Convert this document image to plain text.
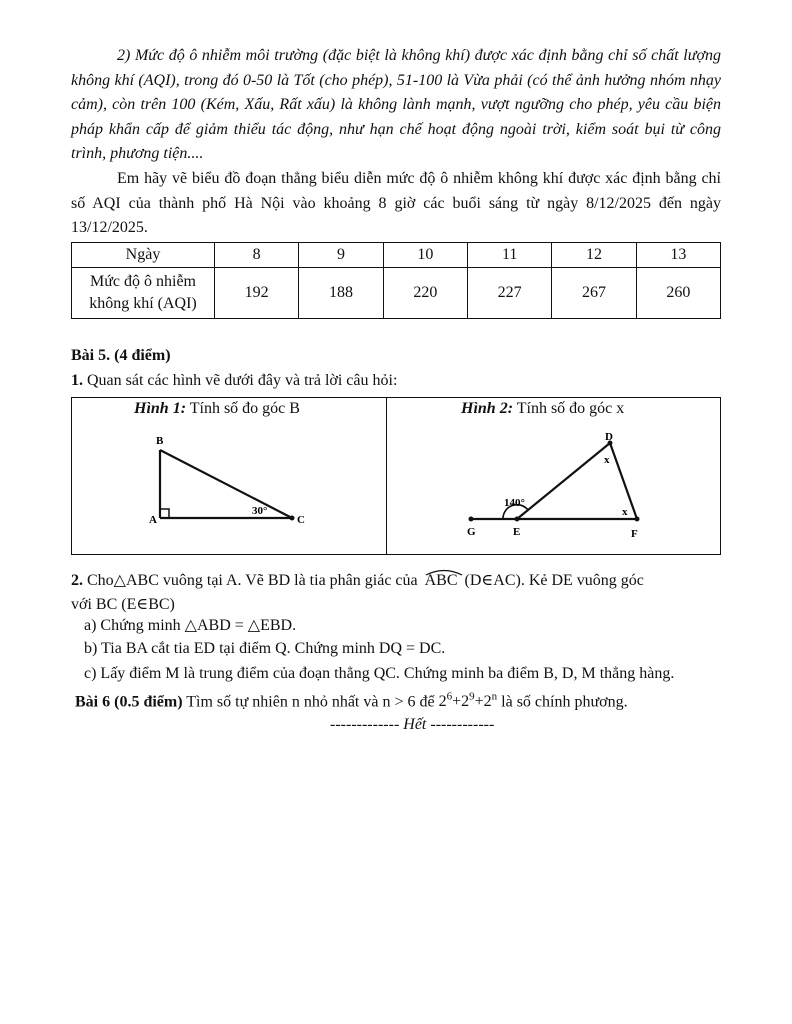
2) Mức độ ô nhiễm môi trường (đặc biệt là không khí) được xác định bằng chỉ số chất lượng không khí (AQI), trong đó 0-50 là Tốt (cho phép), 51-100 là Vừa phải (có thể ảnh hưởng nhóm nhạy cảm), còn trên 100 (Kém, Xấu, Rất xấu) là không lành mạnh, vượt ngưỡng cho phép, yêu cầu biện pháp khẩn cấp để giảm thiểu tác động, như hạn chế hoạt động ngoài trời, kiểm soát bụi từ công trình, phương tiện....

Em hãy vẽ biểu đồ đoạn thẳng biểu diễn mức độ ô nhiễm không khí được xác định bằng chỉ số AQI của thành phố Hà Nội vào khoảng 8 giờ các buổi sáng từ ngày 8/12/2025 đến ngày 13/12/2025.

Ngày	8	9	10	11	12	13
Mức độ ô nhiễm
không khí (AQI)	192	188	220	227	267	260
Bài 5. (4 điểm)
1. Quan sát các hình vẽ dưới đây và trả lời câu hỏi:
Hình 1: Tính số đo góc B	Hình 2: Tính số đo góc x
B
A	C
30°
D
G	E	F
x
x
140°
2. Cho△ABC vuông tại A. Vẽ BD là tia phân giác của ABC (D∈AC). Kẻ DE vuông góc
với BC (E∈BC)
a) Chứng minh △ABD = △EBD.
b) Tia BA cắt tia ED tại điểm Q. Chứng minh DQ = DC.
c) Lấy điểm M là trung điểm của đoạn thẳng QC. Chứng minh ba điểm B, D, M thẳng hàng.
Bài 6 (0.5 điểm) Tìm số tự nhiên n nhỏ nhất và n > 6 để $2^6+2^9+2^n$ là số chính phương.
------------- Hết ------------
